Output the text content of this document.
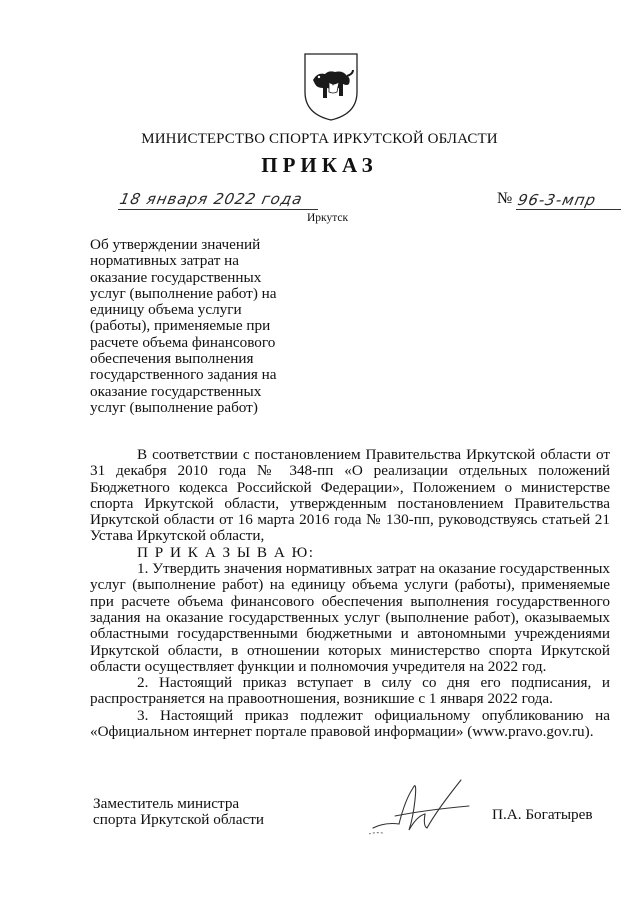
МИНИСТЕРСТВО СПОРТА ИРКУТСКОЙ ОБЛАСТИ
ПРИКАЗ
18 января 2022 года	№ 96-3-мпр
Иркутск
Об утверждении значений
нормативных затрат на
оказание государственных
услуг (выполнение работ) на
единицу объема услуги
(работы), применяемые при
расчете объема финансового
обеспечения выполнения
государственного задания на
оказание государственных
услуг (выполнение работ)

В соответствии с постановлением Правительства Иркутской области от 31 декабря 2010 года № 348-пп «О реализации отдельных положений Бюджетного кодекса Российской Федерации», Положением о министерстве спорта Иркутской области, утвержденным постановлением Правительства Иркутской области от 16 марта 2016 года № 130-пп, руководствуясь статьей 21 Устава Иркутской области,

П Р И К А З Ы В А Ю:

1. Утвердить значения нормативных затрат на оказание государственных услуг (выполнение работ) на единицу объема услуги (работы), применяемые при расчете объема финансового обеспечения выполнения государственного задания на оказание государственных услуг (выполнение работ), оказываемых областными государственными бюджетными и автономными учреждениями Иркутской области, в отношении которых министерство спорта Иркутской области осуществляет функции и полномочия учредителя на 2022 год.

2. Настоящий приказ вступает в силу со дня его подписания, и распространяется на правоотношения, возникшие с 1 января 2022 года.

3. Настоящий приказ подлежит официальному опубликованию на «Официальном интернет портале правовой информации» (www.pravo.gov.ru).

Заместитель министра
спорта Иркутской области	П.А. Богатырев
